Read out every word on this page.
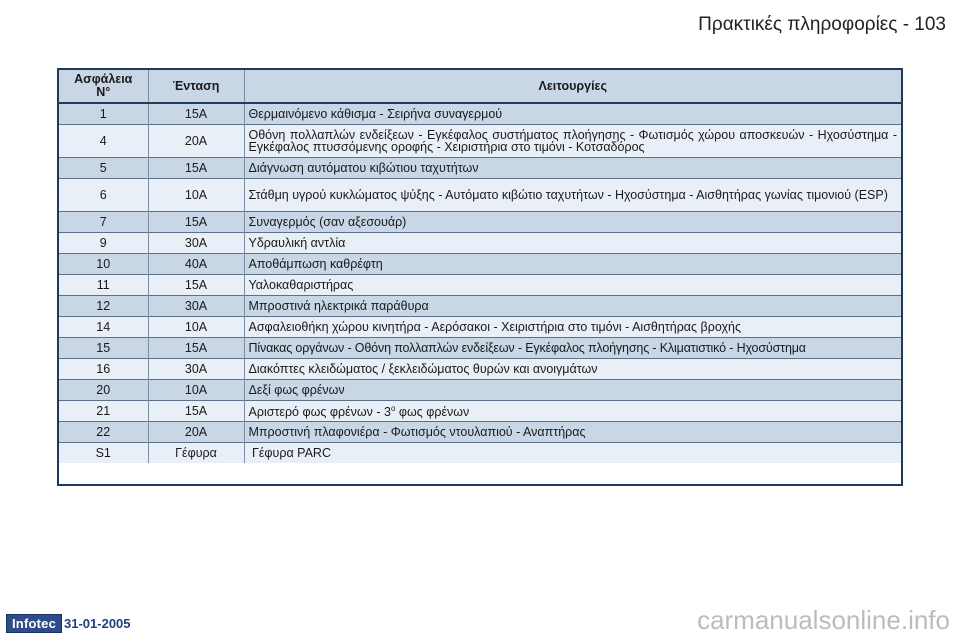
Πρακτικές πληροφορίες - 103
Ασφάλεια
N°	Ένταση	Λειτουργίες
1	15A	Θερμαινόμενο κάθισμα - Σειρήνα συναγερμού
4	20A	Οθόνη πολλαπλών ενδείξεων - Εγκέφαλος συστήματος πλοήγησης - Φωτισμός χώρου αποσκευών - Ηχοσύστημα - Εγκέφαλος πτυσσόμενης οροφής - Χειριστήρια στο τιμόνι - Κοτσαδόρος
5	15A	Διάγνωση αυτόματου κιβώτιου ταχυτήτων
6	10A	Στάθμη υγρού κυκλώματος ψύξης - Αυτόματο κιβώτιο ταχυτήτων - Ηχοσύστημα - Αισθητήρας γωνίας τιμονιού (ESP)
7	15A	Συναγερμός (σαν αξεσουάρ)
9	30A	Υδραυλική αντλία
10	40A	Αποθάμπωση καθρέφτη
11	15A	Υαλοκαθαριστήρας
12	30A	Μπροστινά ηλεκτρικά παράθυρα
14	10A	Ασφαλειοθήκη χώρου κινητήρα - Αερόσακοι - Χειριστήρια στο τιμόνι - Αισθητήρας βροχής
15	15A	Πίνακας οργάνων - Οθόνη πολλαπλών ενδείξεων - Εγκέφαλος πλοήγησης - Κλιματιστικό - Ηχοσύστημα
16	30A	Διακόπτες κλειδώματος / ξεκλειδώματος θυρών και ανοιγμάτων
20	10A	Δεξί φως φρένων
21	15A	Αριστερό φως φρένων - $3^o$ φως φρένων
22	20A	Μπροστινή πλαφονιέρα - Φωτισμός ντουλαπιού - Αναπτήρας
S1	Γέφυρα	Γέφυρα PARC
Infotec 31-01-2005	carmanualsonline.info
